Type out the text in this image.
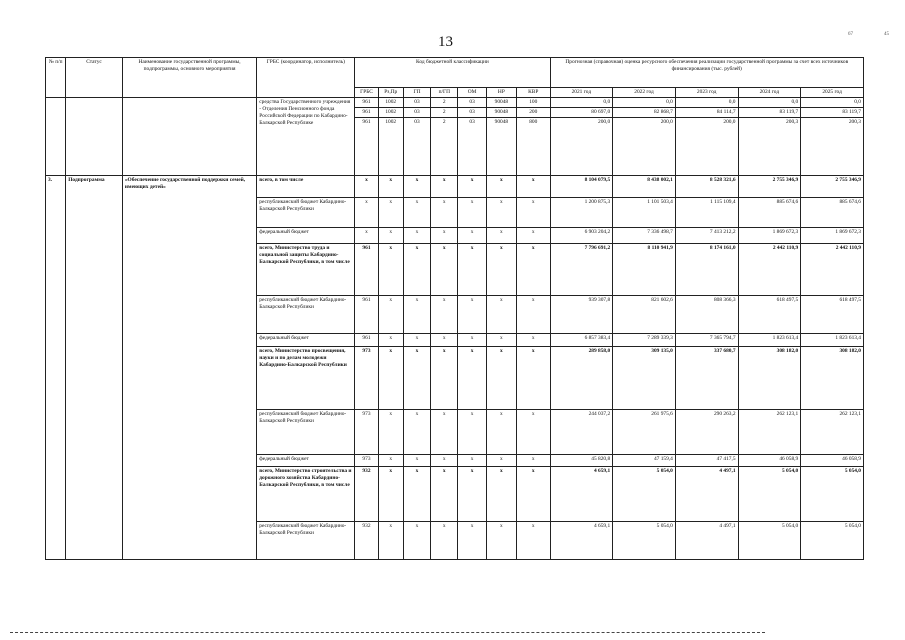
13	67	45
№ п/п	Статус	Наименование государственной программы, подпрограммы, основного мероприятия	ГРБС (координатор, исполнитель)	Код бюджетной классификации							Прогнозная (справочная) оценка ресурсного обеспечения реализации государственной программы за счет всех источников финансирования (тыс. рублей)				
				ГРБС	Рз,Пр	ГП	п/ГП	ОМ	НР	КВР	2021 год	2022 год	2023 год	2024 год	2025 год
			средства Государственного учреждения - Отделения Пенсионного фонда Российской Федерации по Кабардино-Балкарской Республике	961	1002	03	2	03	90048	100	0,0	0,0	0,0	0,0	0,0
				961	1002	03	2	03	90048	200	80 697,0	82 868,7	84 114,7	83 119,7	83 119,7
				961	1002	03	2	03	90048	800	200,0	200,0	200,0	200,3	200,3
3.	Подпрограмма	«Обеспечение государственной поддержки семей, имеющих детей»	всего, в том числе	x	x	x	x	x	x	x	8 104 079,5	8 438 002,1	8 528 321,6	2 755 346,9	2 755 346,9
			республиканский бюджет Кабардино-Балкарской Республики	x	x	x	x	x	x	x	1 200 875,3	1 101 503,4	1 115 109,4	885 674,6	885 674,6
			федеральный бюджет	x	x	x	x	x	x	x	6 903 204,2	7 336 498,7	7 413 212,2	1 869 672,3	1 869 672,3
			всего, Министерство труда и социальной защиты Кабардино-Балкарской Республики, в том числе	961	x	x	x	x	x	x	7 796 691,2	8 110 941,9	8 174 161,0	2 442 110,9	2 442 110,9
			республиканский бюджет Кабардино-Балкарской Республики	961	x	x	x	x	x	x	939 307,8	821 602,6	808 366,3	618 497,5	618 497,5
			федеральный бюджет	961	x	x	x	x	x	x	6 857 383,4	7 289 339,3	7 365 794,7	1 823 613,4	1 823 613,4
			всего, Министерство просвещения, науки и по делам молодежи Кабардино-Балкарской Республики	973	x	x	x	x	x	x	289 858,0	309 135,0	337 680,7	308 182,0	308 182,0
			республиканский бюджет Кабардино-Балкарской Республики	973	x	x	x	x	x	x	244 037,2	261 975,6	290 263,2	262 123,1	262 123,1
			федеральный бюджет	973	x	x	x	x	x	x	45 820,8	47 159,4	47 417,5	46 058,9	46 058,9
			всего, Министерство строительства и дорожного хозяйства Кабардино-Балкарской Республики, в том числе	932	x	x	x	x	x	x	4 659,1	5 054,0	4 497,1	5 054,0	5 054,0
			республиканский бюджет Кабардино-Балкарской Республики	932	x	x	x	x	x	x	4 659,1	5 054,0	4 497,1	5 054,0	5 054,0
